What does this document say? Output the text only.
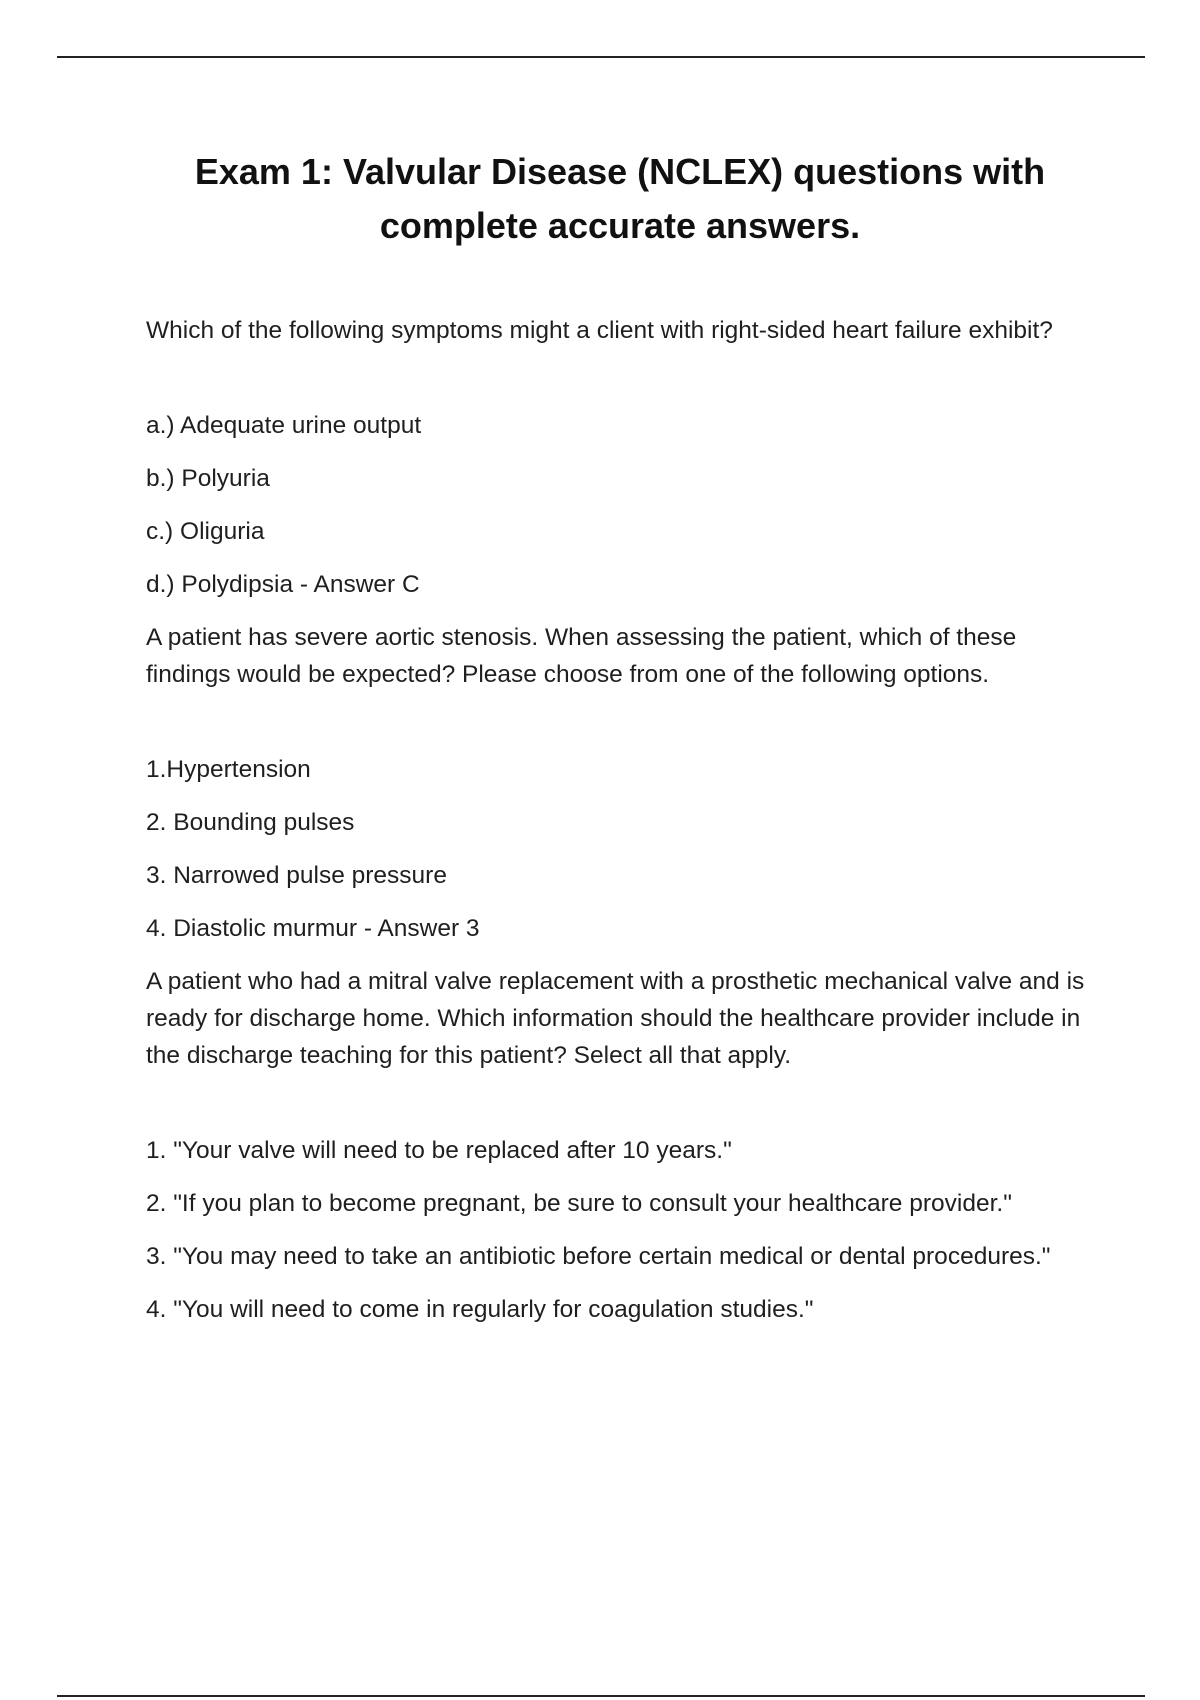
Exam 1: Valvular Disease (NCLEX) questions with complete accurate answers.

Which of the following symptoms might a client with right-sided heart failure exhibit?

a.) Adequate urine output

b.) Polyuria

c.) Oliguria

d.) Polydipsia - Answer C

A patient has severe aortic stenosis. When assessing the patient, which of these findings would be expected? Please choose from one of the following options.

1.Hypertension

2. Bounding pulses

3. Narrowed pulse pressure

4. Diastolic murmur - Answer 3

A patient who had a mitral valve replacement with a prosthetic mechanical valve and is ready for discharge home. Which information should the healthcare provider include in the discharge teaching for this patient? Select all that apply.

1. "Your valve will need to be replaced after 10 years."

2. "If you plan to become pregnant, be sure to consult your healthcare provider."

3. "You may need to take an antibiotic before certain medical or dental procedures."

4. "You will need to come in regularly for coagulation studies."
